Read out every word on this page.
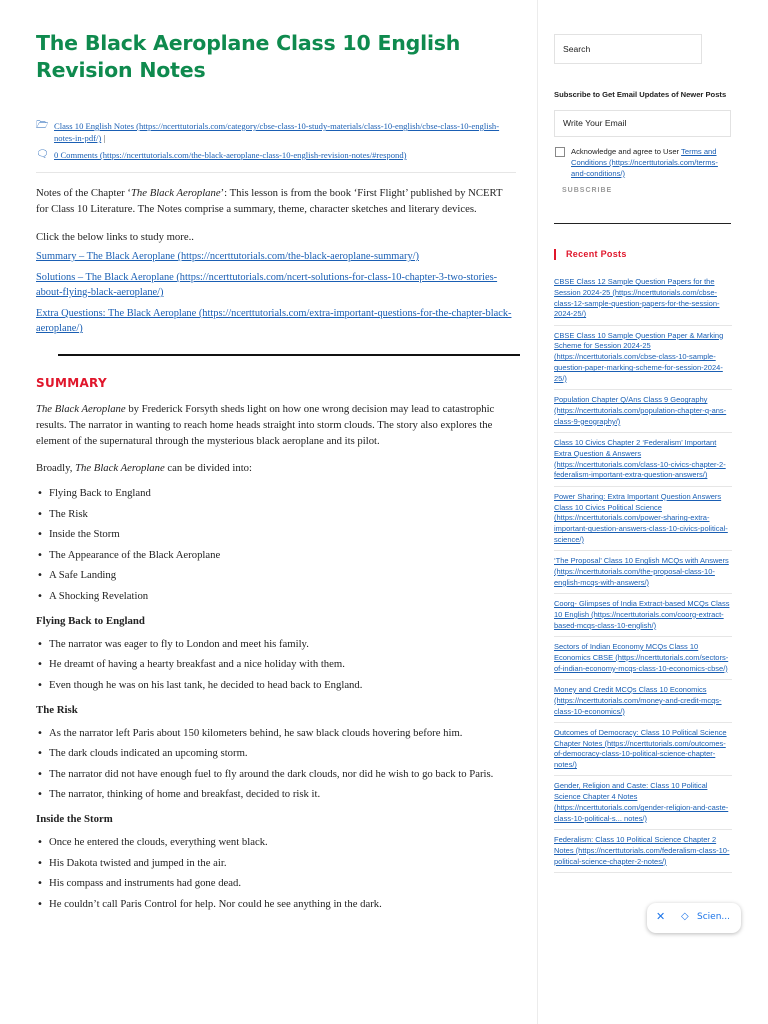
The Black Aeroplane Class 10 English Revision Notes
🗁 Class 10 English Notes (https://ncerttutorials.com/category/cbse-class-10-study-materials/class-10-english/cbse-class-10-english-notes-in-pdf/) |
🗨 0 Comments (https://ncerttutorials.com/the-black-aeroplane-class-10-english-revision-notes/#respond)

Notes of the Chapter ‘The Black Aeroplane’: This lesson is from the book ‘First Flight’ published by NCERT for Class 10 Literature. The Notes comprise a summary, theme, character sketches and literary devices.

Click the below links to study more..

Summary – The Black Aeroplane (https://ncerttutorials.com/the-black-aeroplane-summary/)
Solutions – The Black Aeroplane (https://ncerttutorials.com/ncert-solutions-for-class-10-chapter-3-two-stories-about-flying-black-aeroplane/)
Extra Questions: The Black Aeroplane (https://ncerttutorials.com/extra-important-questions-for-the-chapter-black-aeroplane/)
SUMMARY

The Black Aeroplane by Frederick Forsyth sheds light on how one wrong decision may lead to catastrophic results. The narrator in wanting to reach home heads straight into storm clouds. The story also explores the element of the supernatural through the mysterious black aeroplane and its pilot.

Broadly, The Black Aeroplane can be divided into:

• Flying Back to England
• The Risk
• Inside the Storm
• The Appearance of the Black Aeroplane
• A Safe Landing
• A Shocking Revelation

Flying Back to England

• The narrator was eager to fly to London and meet his family.
• He dreamt of having a hearty breakfast and a nice holiday with them.
• Even though he was on his last tank, he decided to head back to England.

The Risk

• As the narrator left Paris about 150 kilometers behind, he saw black clouds hovering before him.
• The dark clouds indicated an upcoming storm.
• The narrator did not have enough fuel to fly around the dark clouds, nor did he wish to go back to Paris.
• The narrator, thinking of home and breakfast, decided to risk it.

Inside the Storm

• Once he entered the clouds, everything went black.
• His Dakota twisted and jumped in the air.
• His compass and instruments had gone dead.
• He couldn’t call Paris Control for help. Nor could he see anything in the dark.
Search

Subscribe to Get Email Updates of Newer Posts

Write Your Email
Acknowledge and agree to User Terms and Conditions (https://ncerttutorials.com/terms-and-conditions/)
SUBSCRIBE
Recent Posts
CBSE Class 12 Sample Question Papers for the Session 2024-25 (https://ncerttutorials.com/cbse-class-12-sample-question-papers-for-the-session-2024-25/)
CBSE Class 10 Sample Question Paper & Marking Scheme for Session 2024-25 (https://ncerttutorials.com/cbse-class-10-sample-question-paper-marking-scheme-for-session-2024-25/)
Population Chapter Q/Ans Class 9 Geography (https://ncerttutorials.com/population-chapter-q-ans-class-9-geography/)
Class 10 Civics Chapter 2 ‘Federalism’ Important Extra Question & Answers (https://ncerttutorials.com/class-10-civics-chapter-2-federalism-important-extra-question-answers/)
Power Sharing: Extra Important Question Answers Class 10 Civics Political Science (https://ncerttutorials.com/power-sharing-extra-important-question-answers-class-10-civics-political-science/)
‘The Proposal’ Class 10 English MCQs with Answers (https://ncerttutorials.com/the-proposal-class-10-english-mcqs-with-answers/)
Coorg- Glimpses of India Extract-based MCQs Class 10 English (https://ncerttutorials.com/coorg-extract-based-mcqs-class-10-english/)
Sectors of Indian Economy MCQs Class 10 Economics CBSE (https://ncerttutorials.com/sectors-of-indian-economy-mcqs-class-10-economics-cbse/)
Money and Credit MCQs Class 10 Economics (https://ncerttutorials.com/money-and-credit-mcqs-class-10-economics/)
Outcomes of Democracy: Class 10 Political Science Chapter Notes (https://ncerttutorials.com/outcomes-of-democracy-class-10-political-science-chapter-notes/)
Gender, Religion and Caste: Class 10 Political Science Chapter 4 Notes (https://ncerttutorials.com/gender-religion-and-caste-class-10-political-s... notes/)
Federalism: Class 10 Political Science Chapter 2 Notes (https://ncerttutorials.com/federalism-class-10-political-science-chapter-2-notes/)
✕ ◇ Scien...
